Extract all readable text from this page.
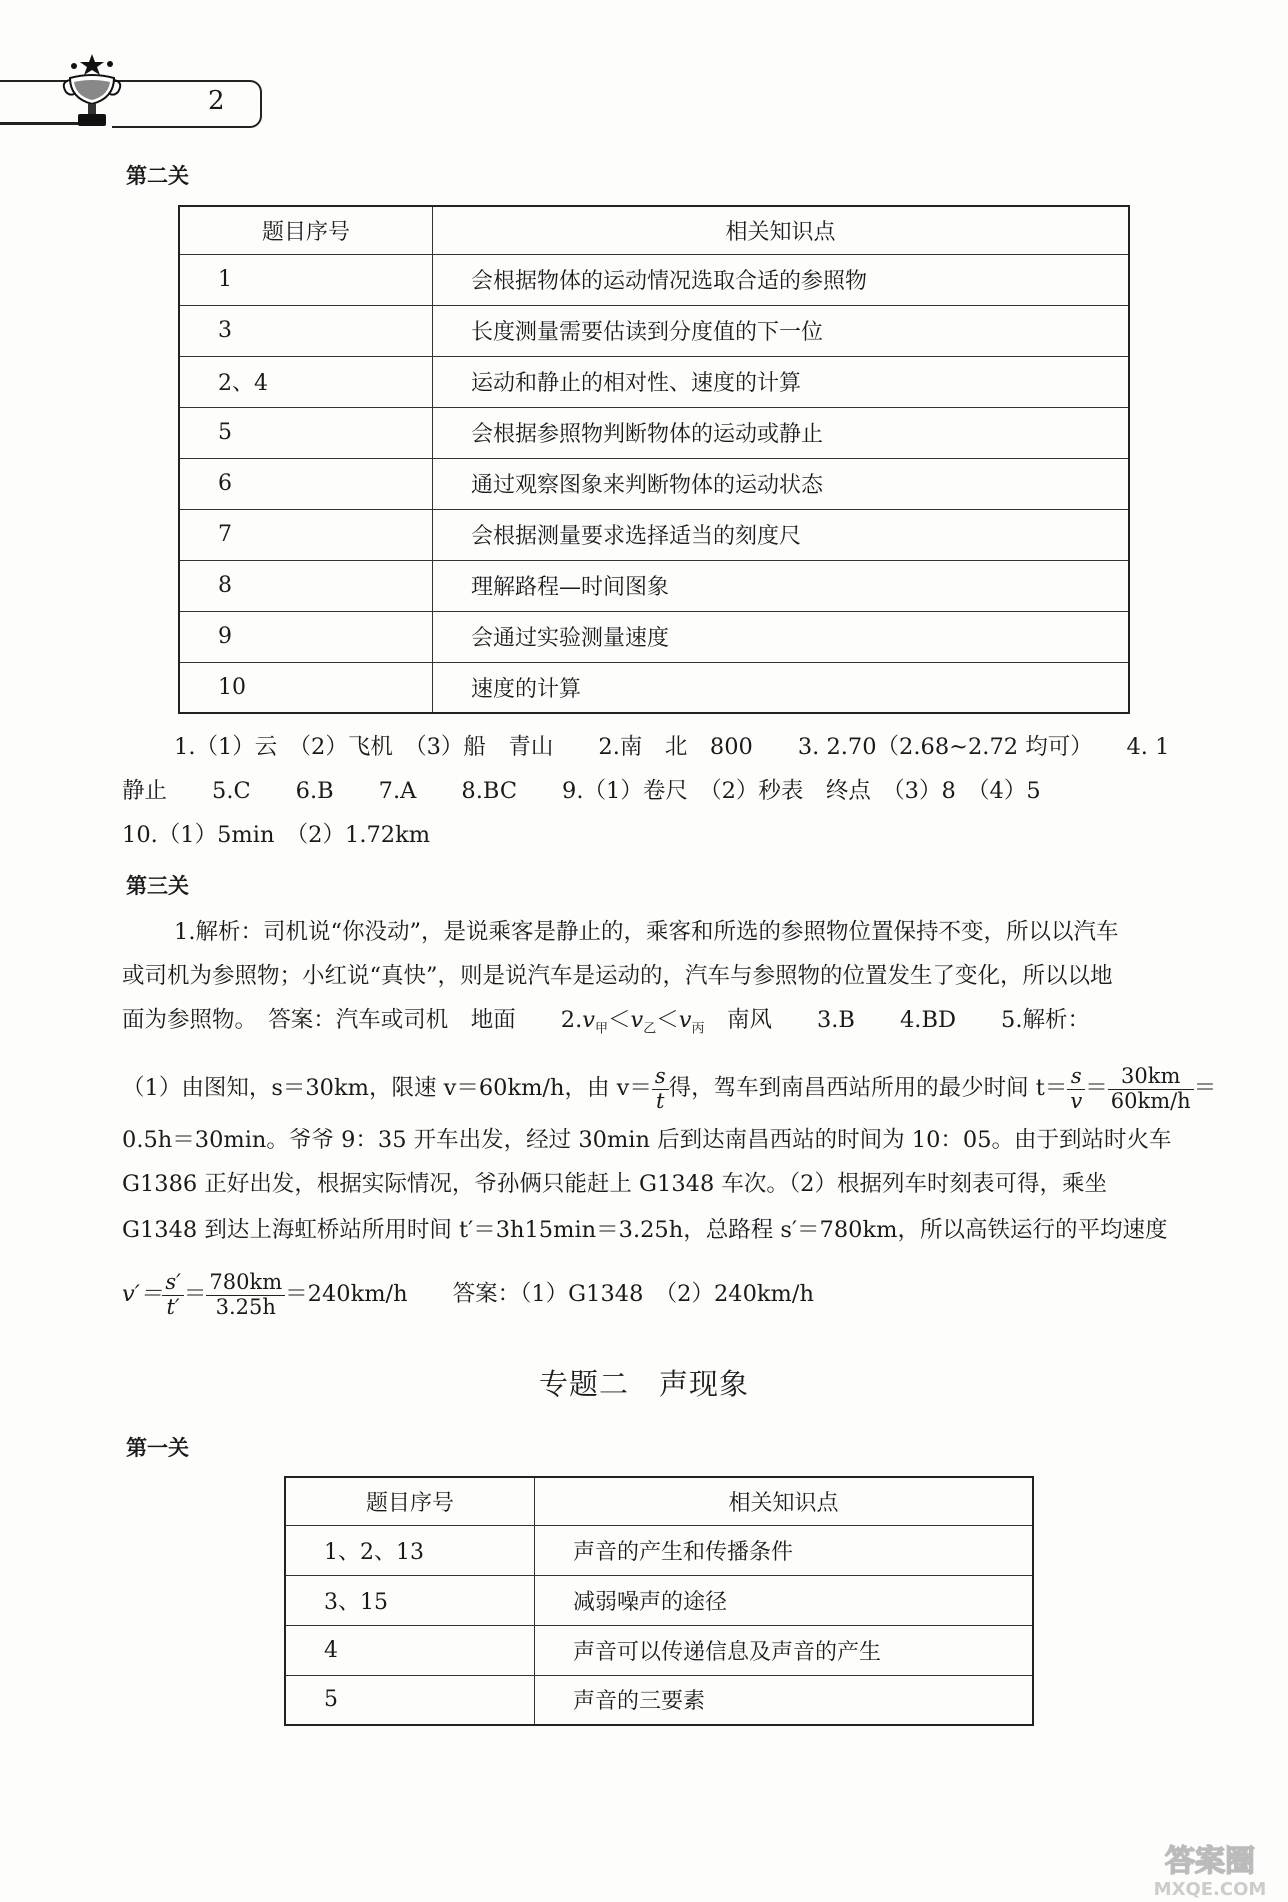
2
第二关
题目序号	相关知识点
1	会根据物体的运动情况选取合适的参照物
3	长度测量需要估读到分度值的下一位
2、4	运动和静止的相对性、速度的计算
5	会根据参照物判断物体的运动或静止
6	通过观察图象来判断物体的运动状态
7	会根据测量要求选择适当的刻度尺
8	理解路程—时间图象
9	会通过实验测量速度
10	速度的计算
1.（1）云　（2）飞机　（3）船　青山　　2.南　北　800　　3. 2.70（2.68~2.72 均可）　　4. 1
静止　　5.C　　6.B　　7.A　　8.BC　　9.（1）卷尺　（2）秒表　终点　（3）8　（4）5
10.（1）5min　（2）1.72km
第三关
1.解析：司机说“你没动”，是说乘客是静止的，乘客和所选的参照物位置保持不变，所以以汽车
或司机为参照物；小红说“真快”，则是说汽车是运动的，汽车与参照物的位置发生了变化，所以以地
面为参照物。　答案：汽车或司机　地面　　$2.v_甲<v_乙<v_丙$　 南风　　3.B　　4.BD　　5.解析：
（1）由图知，s＝30km，限速 v＝60km/h，由 $v= \frac{s}{t}$ 得，驾车到南昌西站所用的最少时间 $t= \frac{s}{v} = \frac{30km}{60km/h}$ ＝
0.5h＝30min。爷爷 9：35 开车出发，经过 30min 后到达南昌西站的时间为 10：05。由于到站时火车
G1386 正好出发，根据实际情况，爷孙俩只能赶上 G1348 车次。（2）根据列车时刻表可得，乘坐
G1348 到达上海虹桥站所用时间 t′＝3h15min＝3.25h，总路程 s′＝780km，所以高铁运行的平均速度
$v'= \frac{s'}{t'} = \frac{780km}{3.25h} =240km/h$　　答案：（1）G1348　（2）240km/h
专题二　声现象
第一关
题目序号	相关知识点
1、2、13	声音的产生和传播条件
3、15	减弱噪声的途径
4	声音可以传递信息及声音的产生
5	声音的三要素
答案圈
MXQE.COM
